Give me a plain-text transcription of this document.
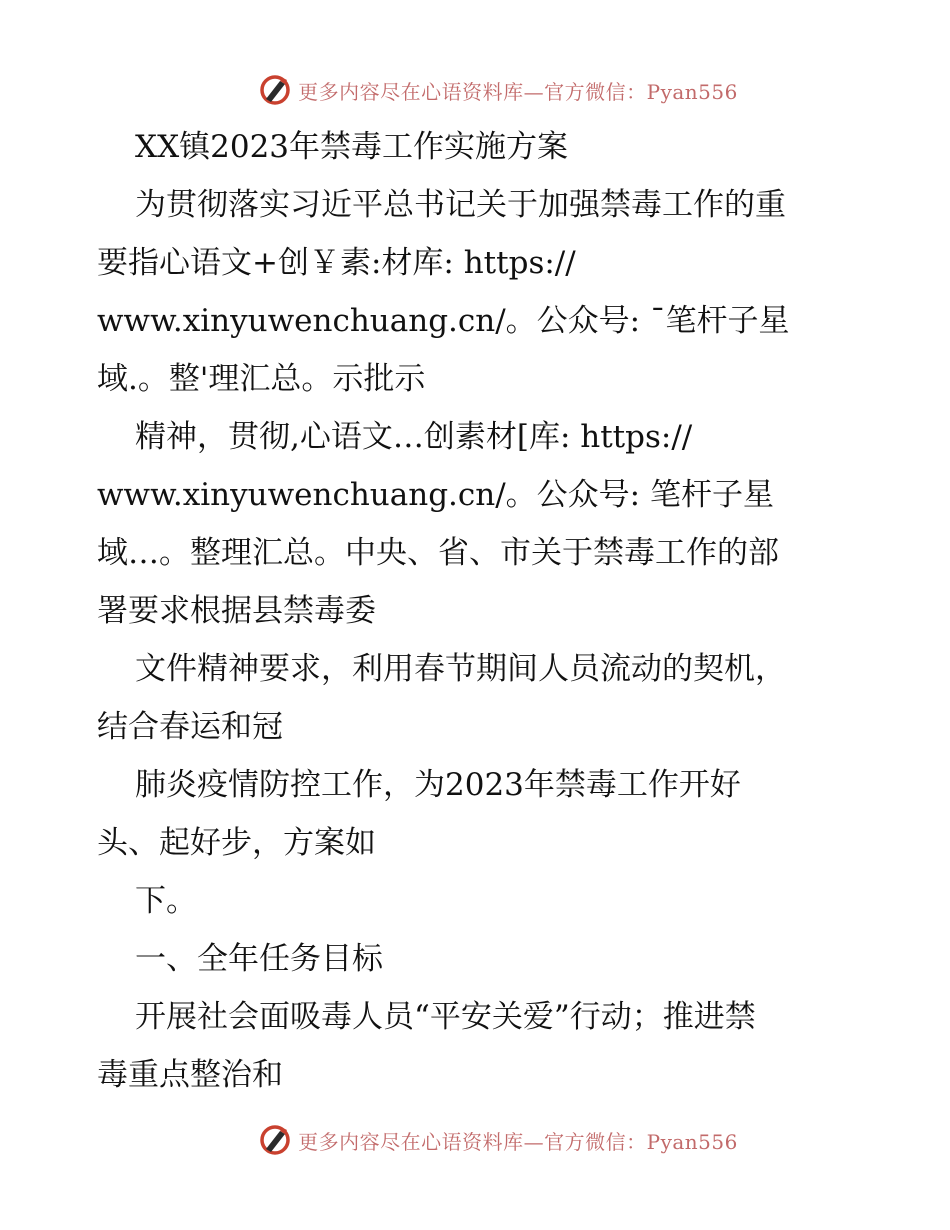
更多内容尽在心语资料库—官方微信：Pyan556
XX镇2023年禁毒工作实施方案
为贯彻落实习近平总书记关于加强禁毒工作的重
要指心语文+创￥素:材库: https://
www.xinyuwenchuang.cn/。公众号: ¯笔杆子星
域.。整'理汇总。示批示
精神，贯彻,心语文…创素材[库: https://
www.xinyuwenchuang.cn/。公众号: 笔杆子星
域…。整理汇总。中央、省、市关于禁毒工作的部
署要求根据县禁毒委
文件精神要求，利用春节期间人员流动的契机，
结合春运和冠
肺炎疫情防控工作，为2023年禁毒工作开好
头、起好步，方案如
下。
一、全年任务目标
开展社会面吸毒人员“平安关爱”行动；推进禁
毒重点整治和
更多内容尽在心语资料库—官方微信：Pyan556
